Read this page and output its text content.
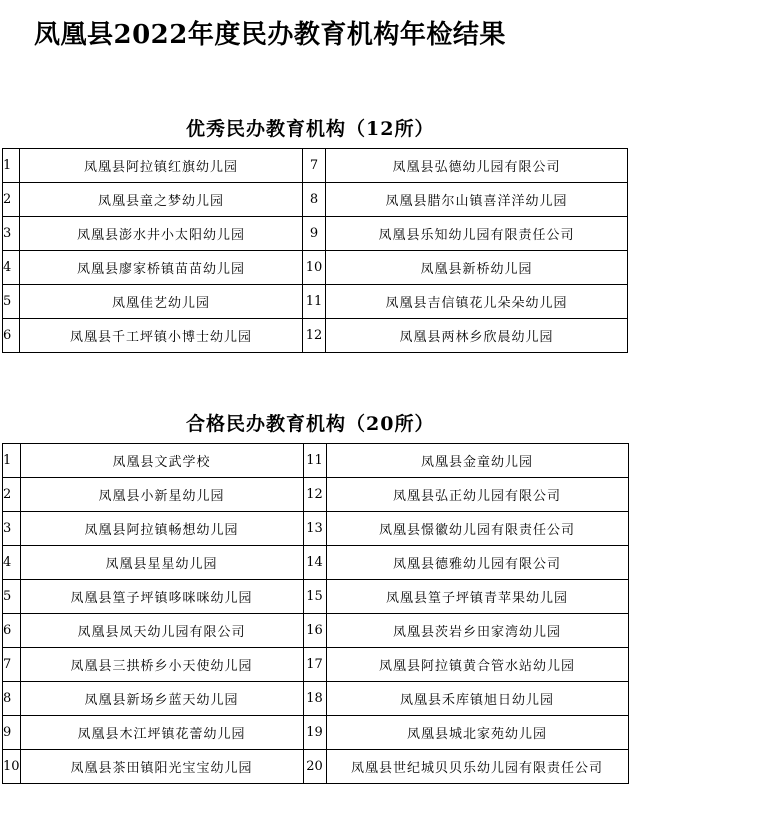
凤凰县2022年度民办教育机构年检结果
优秀民办教育机构（12所）
1	凤凰县阿拉镇红旗幼儿园	7	凤凰县弘德幼儿园有限公司
2	凤凰县童之梦幼儿园	8	凤凰县腊尔山镇喜洋洋幼儿园
3	凤凰县澎水井小太阳幼儿园	9	凤凰县乐知幼儿园有限责任公司
4	凤凰县廖家桥镇苗苗幼儿园	10	凤凰县新桥幼儿园
5	凤凰佳艺幼儿园	11	凤凰县吉信镇花儿朵朵幼儿园
6	凤凰县千工坪镇小博士幼儿园	12	凤凰县两林乡欣晨幼儿园
合格民办教育机构（20所）
1	凤凰县文武学校	11	凤凰县金童幼儿园
2	凤凰县小新星幼儿园	12	凤凰县弘正幼儿园有限公司
3	凤凰县阿拉镇畅想幼儿园	13	凤凰县憬徽幼儿园有限责任公司
4	凤凰县星星幼儿园	14	凤凰县德雅幼儿园有限公司
5	凤凰县篁子坪镇哆咪咪幼儿园	15	凤凰县篁子坪镇青苹果幼儿园
6	凤凰县凤天幼儿园有限公司	16	凤凰县茨岩乡田家湾幼儿园
7	凤凰县三拱桥乡小天使幼儿园	17	凤凰县阿拉镇黄合管水站幼儿园
8	凤凰县新场乡蓝天幼儿园	18	凤凰县禾库镇旭日幼儿园
9	凤凰县木江坪镇花蕾幼儿园	19	凤凰县城北家苑幼儿园
10	凤凰县茶田镇阳光宝宝幼儿园	20	凤凰县世纪城贝贝乐幼儿园有限责任公司
